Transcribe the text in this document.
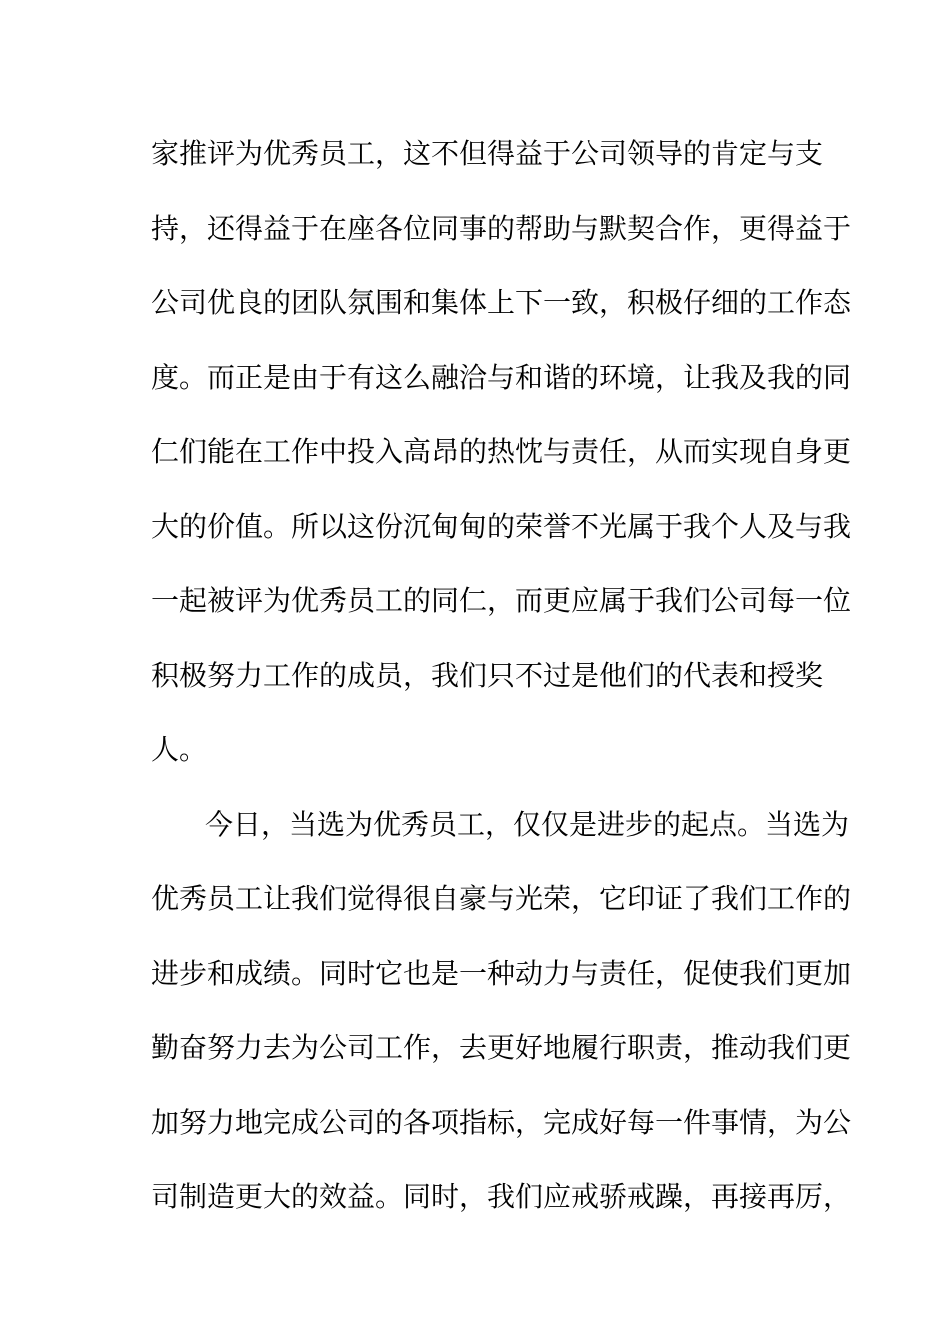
家推评为优秀员工，这不但得益于公司领导的肯定与支
持，还得益于在座各位同事的帮助与默契合作，更得益于
公司优良的团队氛围和集体上下一致，积极仔细的工作态
度。而正是由于有这么融洽与和谐的环境，让我及我的同
仁们能在工作中投入高昂的热忱与责任，从而实现自身更
大的价值。所以这份沉甸甸的荣誉不光属于我个人及与我
一起被评为优秀员工的同仁，而更应属于我们公司每一位
积极努力工作的成员，我们只不过是他们的代表和授奖
人。
今日，当选为优秀员工，仅仅是进步的起点。当选为
优秀员工让我们觉得很自豪与光荣，它印证了我们工作的
进步和成绩。同时它也是一种动力与责任，促使我们更加
勤奋努力去为公司工作，去更好地履行职责，推动我们更
加努力地完成公司的各项指标，完成好每一件事情，为公
司制造更大的效益。同时，我们应戒骄戒躁，再接再厉，
